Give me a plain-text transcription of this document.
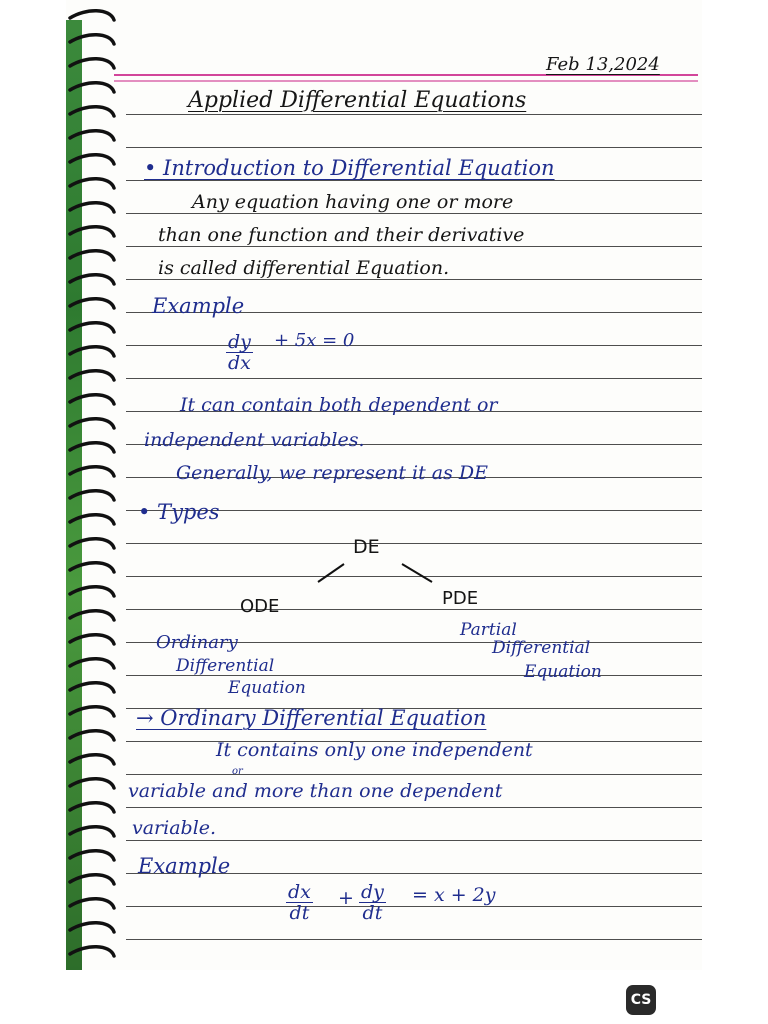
Feb 13,2024
Applied Differential Equations
• Introduction to Differential Equation
Any equation having one or more
than one function and their derivative
is called differential Equation.
Example
$\frac{dy}{dx} + 5x = 0$
It can contain both dependent or
independent variables.
Generally, we represent it as DE
• Types
DE
ODE	PDE
Ordinary
Differential
Equation
Partial
Differential
Equation
→ Ordinary Differential Equation
It contains only one independent
variable and more than one dependent
or
variable.
Example
$\frac{dx}{dt} + \frac{dy}{dt} = x + 2y$
CS
